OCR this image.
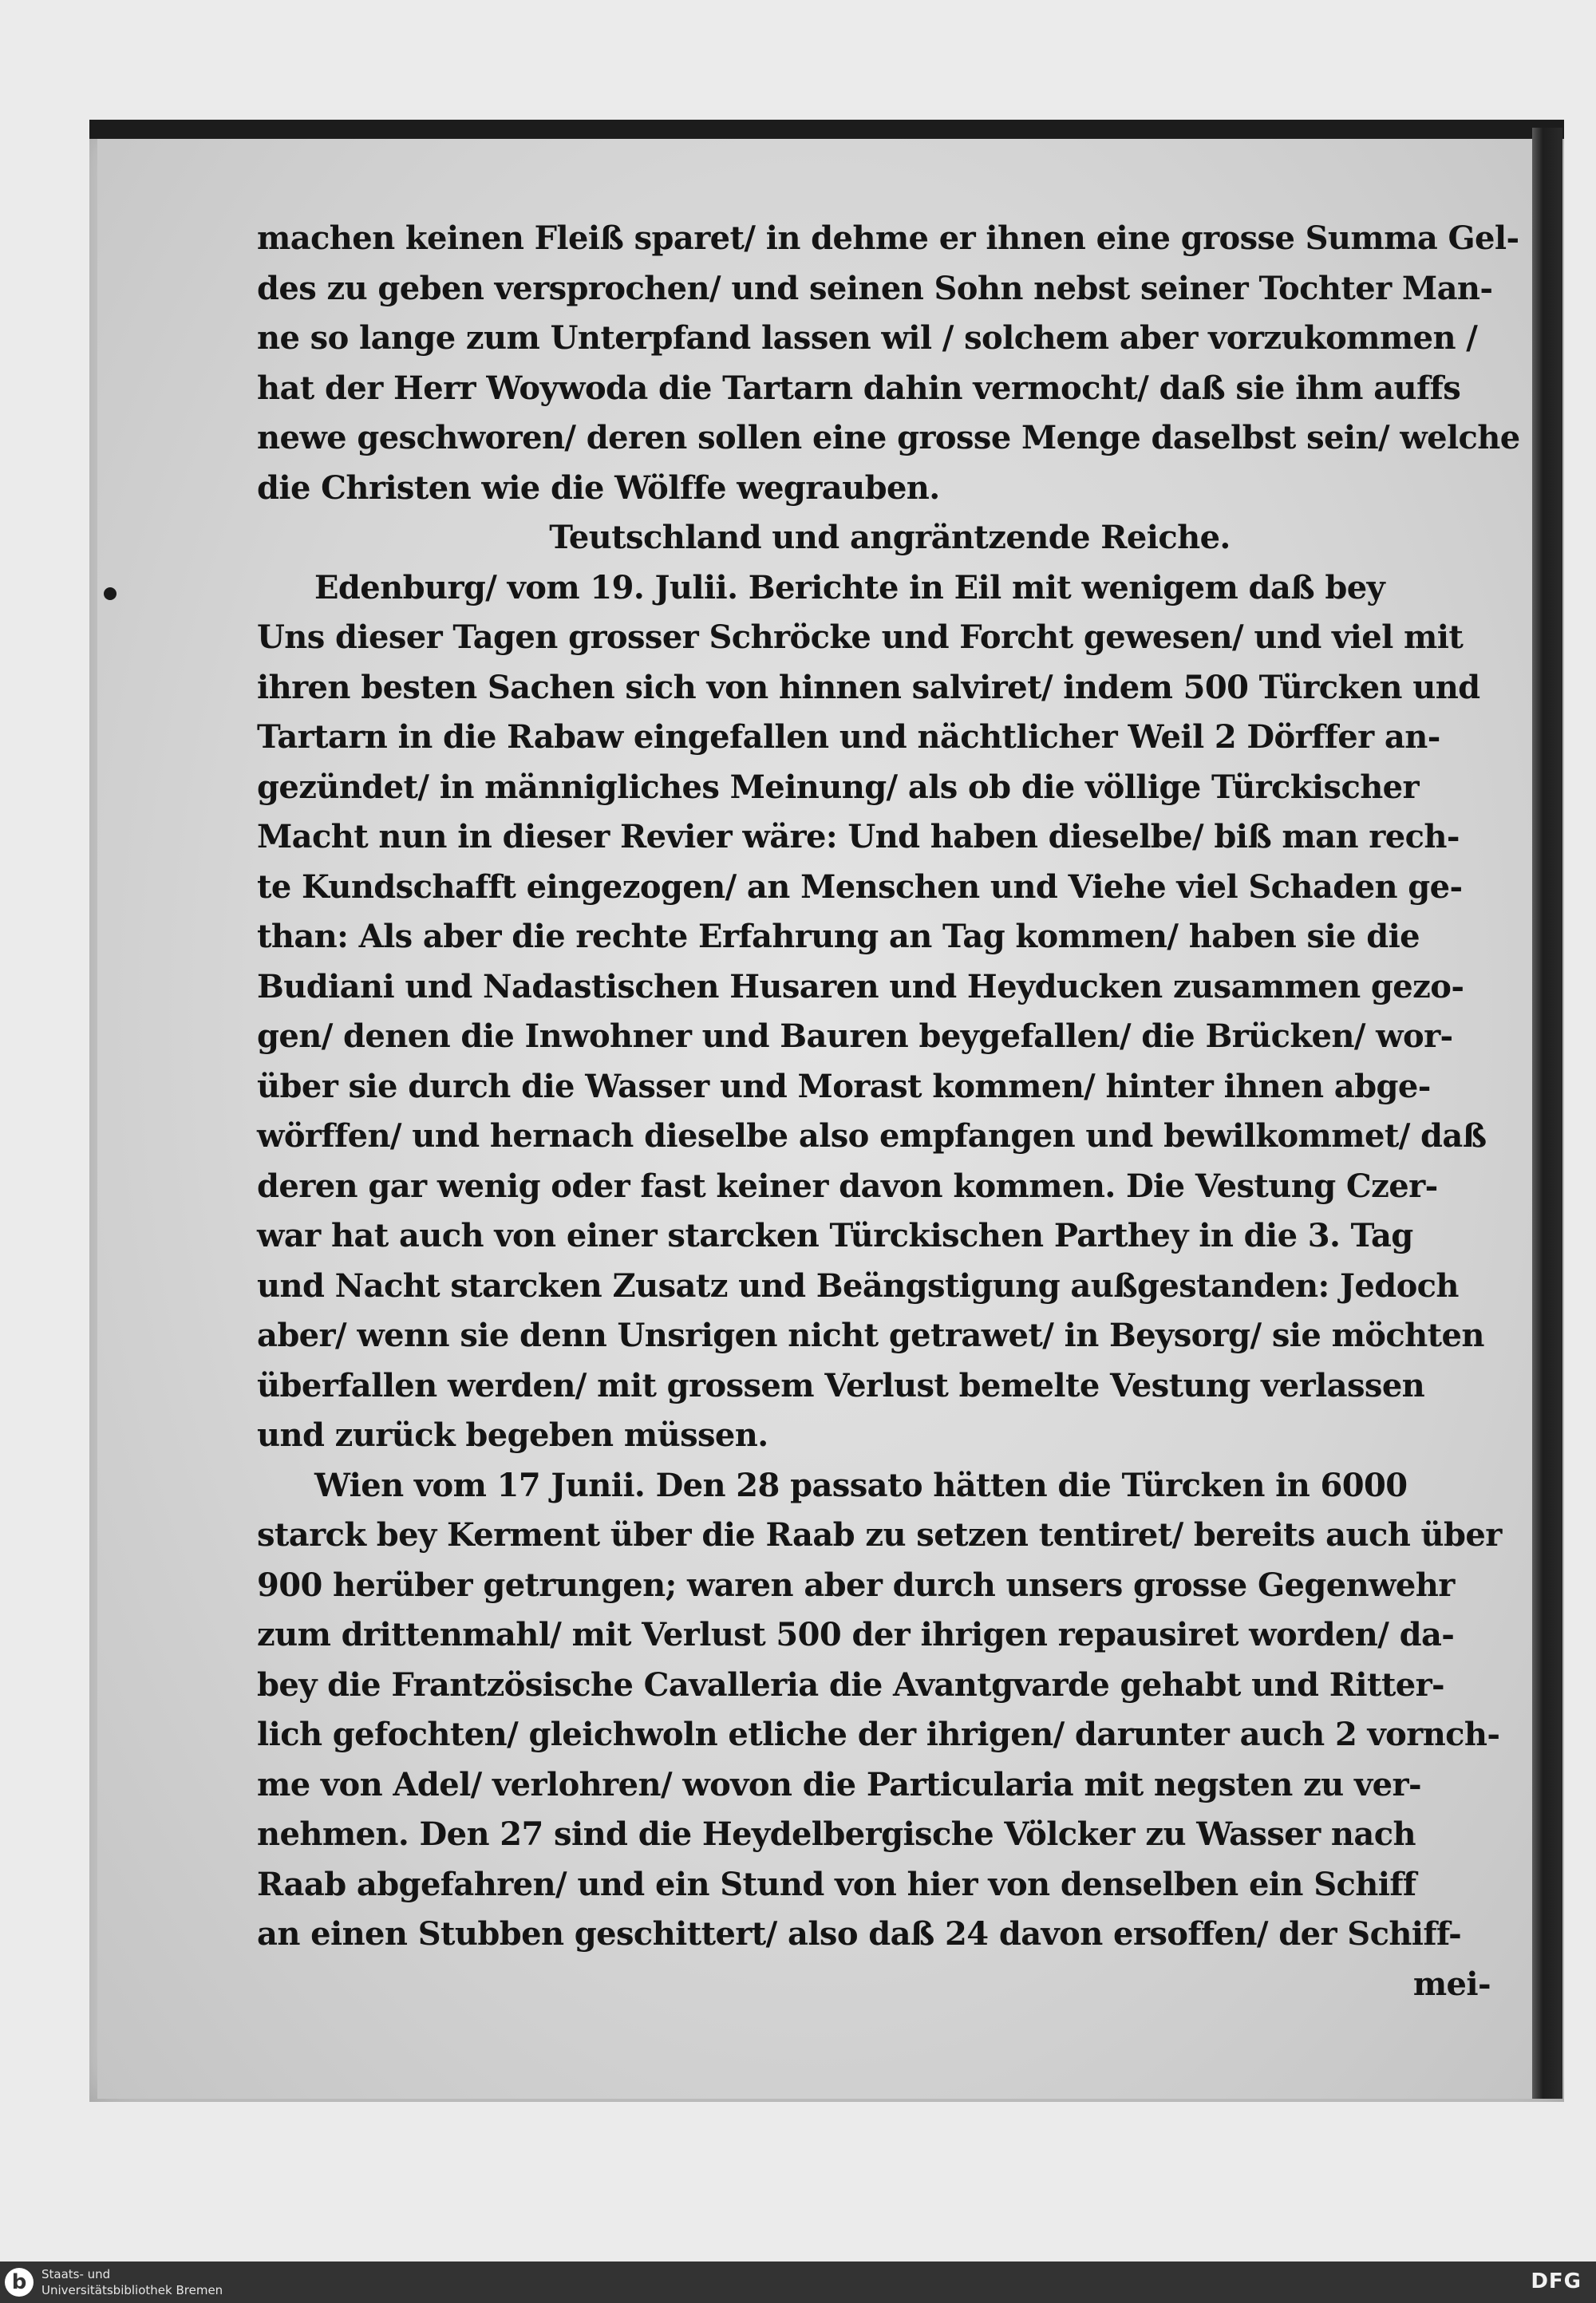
machen keinen Fleiß sparet/ in dehme er ihnen eine grosse Summa Gel-
des zu geben versprochen/ und seinen Sohn nebst seiner Tochter Man-
ne so lange zum Unterpfand lassen wil / solchem aber vorzukommen /
hat der Herr Woywoda die Tartarn dahin vermocht/ daß sie ihm auffs
newe geschworen/ deren sollen eine grosse Menge daselbst sein/ welche
die Christen wie die Wölffe wegrauben.
Teutschland und angräntzende Reiche.
Edenburg/ vom 19. Julii. Berichte in Eil mit wenigem daß bey
Uns dieser Tagen grosser Schröcke und Forcht gewesen/ und viel mit
ihren besten Sachen sich von hinnen salviret/ indem 500 Türcken und
Tartarn in die Rabaw eingefallen und nächtlicher Weil 2 Dörffer an-
gezündet/ in männigliches Meinung/ als ob die völlige Türckischer
Macht nun in dieser Revier wäre: Und haben dieselbe/ biß man rech-
te Kundschafft eingezogen/ an Menschen und Viehe viel Schaden ge-
than: Als aber die rechte Erfahrung an Tag kommen/ haben sie die
Budiani und Nadastischen Husaren und Heyducken zusammen gezo-
gen/ denen die Inwohner und Bauren beygefallen/ die Brücken/ wor-
über sie durch die Wasser und Morast kommen/ hinter ihnen abge-
wörffen/ und hernach dieselbe also empfangen und bewilkommet/ daß
deren gar wenig oder fast keiner davon kommen. Die Vestung Czer-
war hat auch von einer starcken Türckischen Parthey in die 3. Tag
und Nacht starcken Zusatz und Beängstigung außgestanden: Jedoch
aber/ wenn sie denn Unsrigen nicht getrawet/ in Beysorg/ sie möchten
überfallen werden/ mit grossem Verlust bemelte Vestung verlassen
und zurück begeben müssen.
Wien vom 17 Junii. Den 28 passato hätten die Türcken in 6000
starck bey Kerment über die Raab zu setzen tentiret/ bereits auch über
900 herüber getrungen; waren aber durch unsers grosse Gegenwehr
zum drittenmahl/ mit Verlust 500 der ihrigen repausiret worden/ da-
bey die Frantzösische Cavalleria die Avantgvarde gehabt und Ritter-
lich gefochten/ gleichwoln etliche der ihrigen/ darunter auch 2 vornch-
me von Adel/ verlohren/ wovon die Particularia mit negsten zu ver-
nehmen. Den 27 sind die Heydelbergische Völcker zu Wasser nach
Raab abgefahren/ und ein Stund von hier von denselben ein Schiff
an einen Stubben geschittert/ also daß 24 davon ersoffen/ der Schiff-
mei-
b	Staats- und
Universitätsbibliothek Bremen	DFG
